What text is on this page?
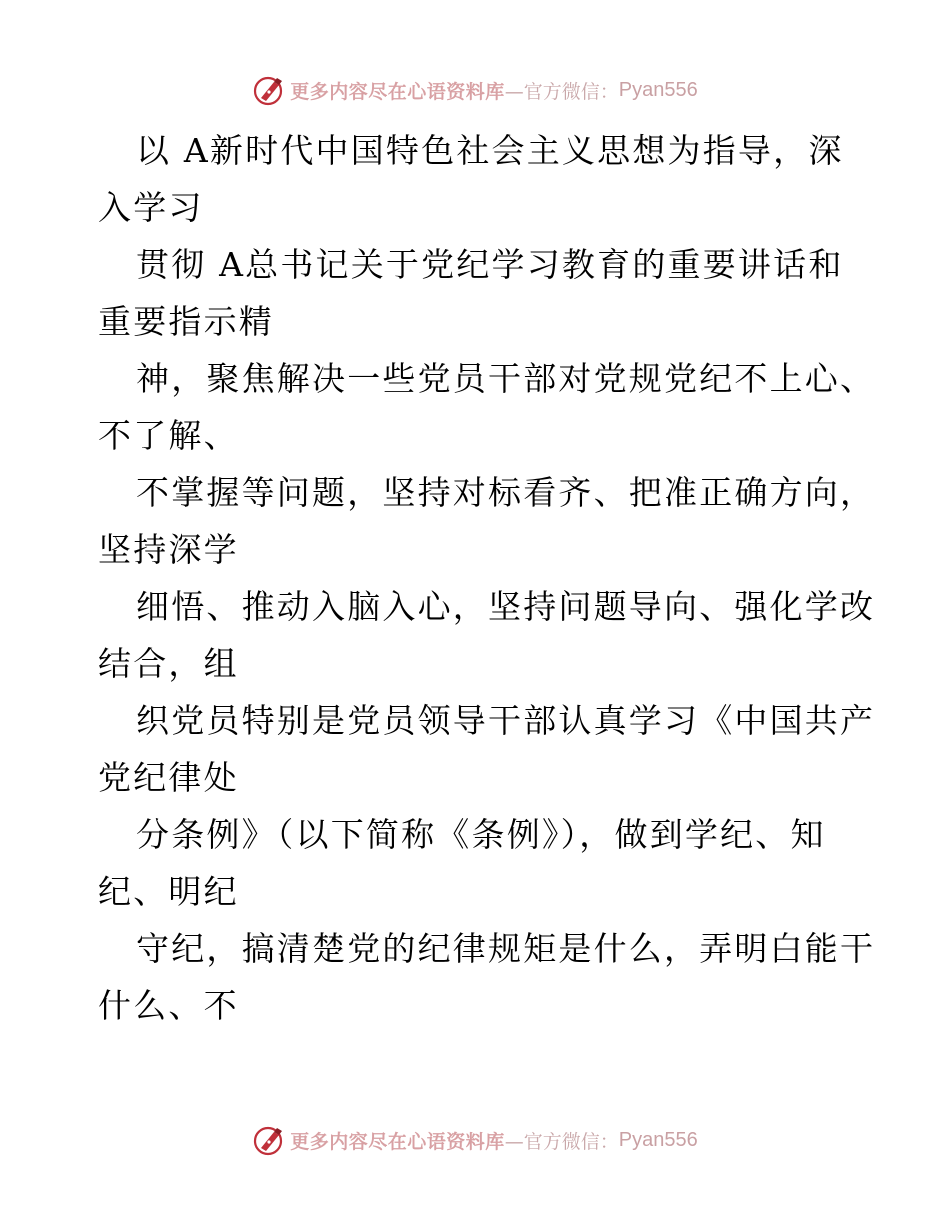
更多内容尽在心语资料库 —官方微信： Pyan556
以 A新时代中国特色社会主义思想为指导，深
入学习
贯彻 A总书记关于党纪学习教育的重要讲话和
重要指示精
神，聚焦解决一些党员干部对党规党纪不上心、
不了解、
不掌握等问题，坚持对标看齐、把准正确方向，
坚持深学
细悟、推动入脑入心，坚持问题导向、强化学改
结合，组
织党员特别是党员领导干部认真学习《中国共产
党纪律处
分条例》（以下简称《条例》），做到学纪、知
纪、明纪
守纪，搞清楚党的纪律规矩是什么，弄明白能干
什么、不
更多内容尽在心语资料库 —官方微信： Pyan556
